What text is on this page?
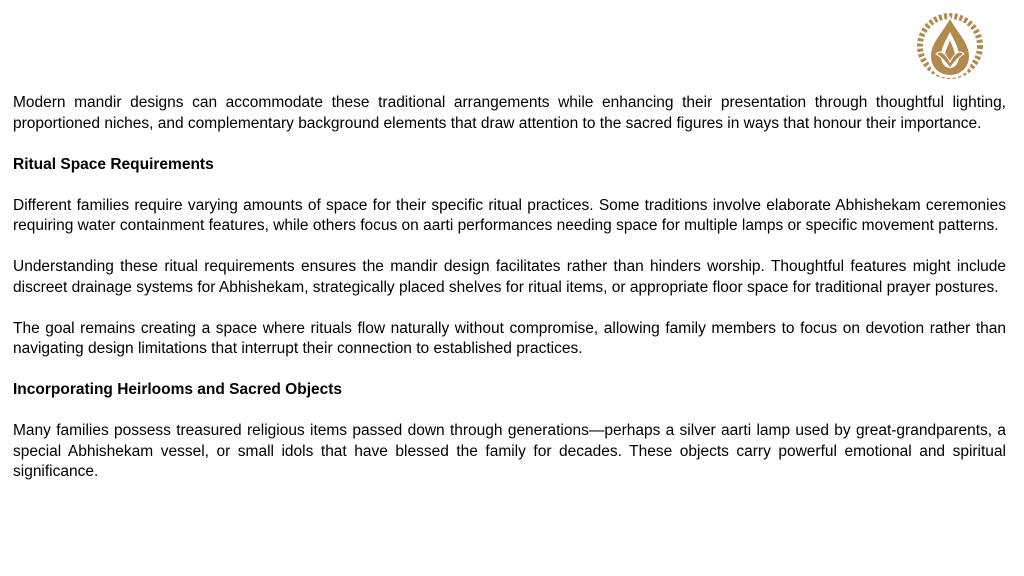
Modern mandir designs can accommodate these traditional arrangements while enhancing their presentation through thoughtful lighting, proportioned niches, and complementary background elements that draw attention to the sacred figures in ways that honour their importance.

Ritual Space Requirements

Different families require varying amounts of space for their specific ritual practices. Some traditions involve elaborate Abhishekam ceremonies requiring water containment features, while others focus on aarti performances needing space for multiple lamps or specific movement patterns.

Understanding these ritual requirements ensures the mandir design facilitates rather than hinders worship. Thoughtful features might include discreet drainage systems for Abhishekam, strategically placed shelves for ritual items, or appropriate floor space for traditional prayer postures.

The goal remains creating a space where rituals flow naturally without compromise, allowing family members to focus on devotion rather than navigating design limitations that interrupt their connection to established practices.

Incorporating Heirlooms and Sacred Objects

Many families possess treasured religious items passed down through generations—perhaps a silver aarti lamp used by great-grandparents, a special Abhishekam vessel, or small idols that have blessed the family for decades. These objects carry powerful emotional and spiritual significance.
